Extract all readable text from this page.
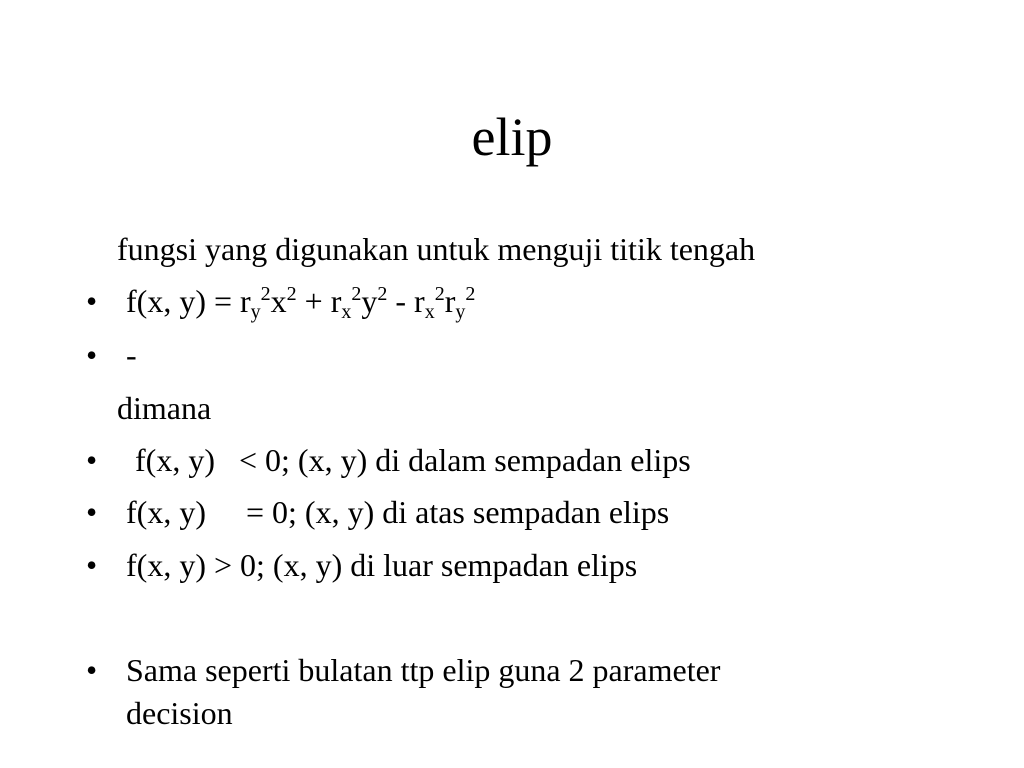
elip
fungsi yang digunakan untuk menguji titik tengah
• f(x, $y) = r_y^2x^2 + r_x^2y^2 - r_x^2r_y^2$
• -
dimana
• f(x, y)   < 0; (x, y) di dalam sempadan elips
• f(x, y)     = 0; (x, y) di atas sempadan elips
• f(x, y) > 0; (x, y) di luar sempadan elips
• Sama seperti bulatan ttp elip guna 2 parameter
decision
